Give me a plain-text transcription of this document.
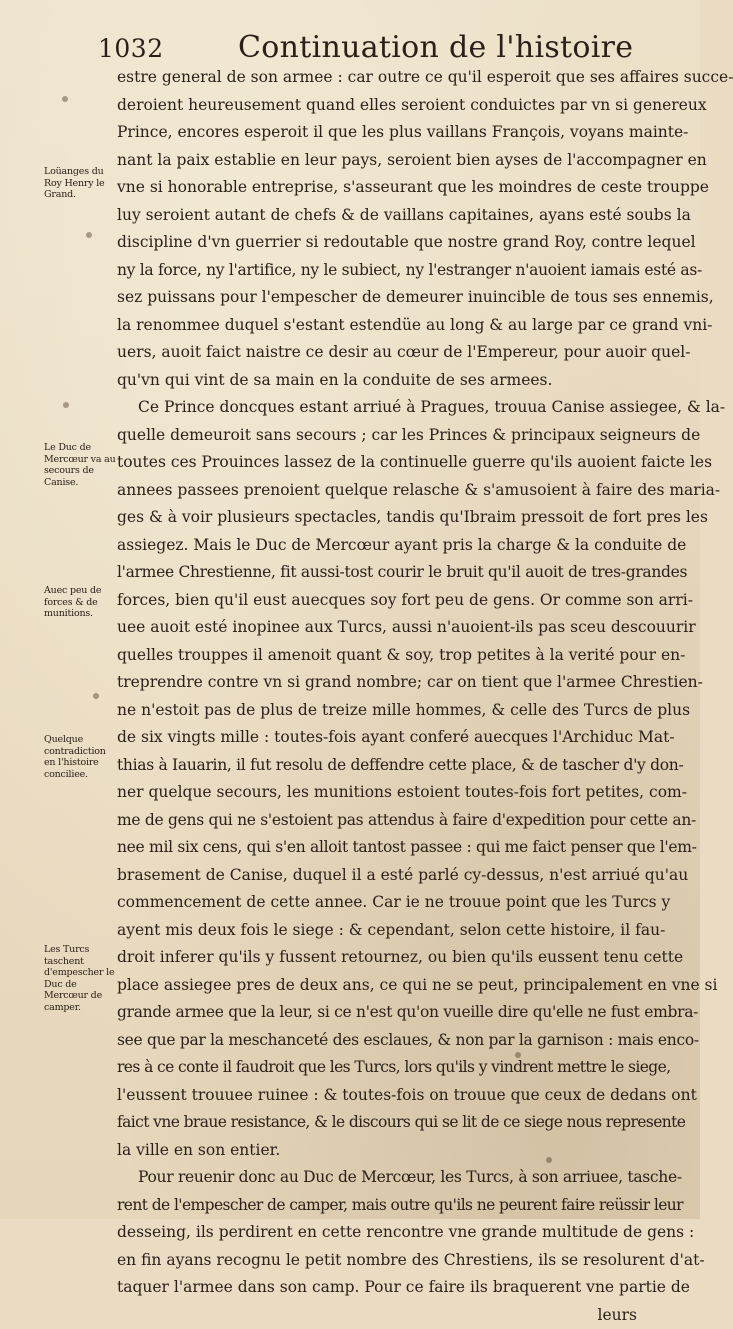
1032 Continuation de l'histoire
Loüanges du Roy Henry le Grand.
Le Duc de Mercœur va au secours de Canise.
Auec peu de forces & de munitions.
Quelque contradiction en l'histoire conciliee.
Les Turcs taschent d'empescher le Duc de Mercœur de camper.
estre general de son armee : car outre ce qu'il esperoit que ses affaires succe-
deroient heureusement quand elles seroient conduictes par vn si genereux
Prince, encores esperoit il que les plus vaillans François, voyans mainte-
nant la paix establie en leur pays, seroient bien ayses de l'accompagner en
vne si honorable entreprise, s'asseurant que les moindres de ceste trouppe
luy seroient autant de chefs & de vaillans capitaines, ayans esté soubs la
discipline d'vn guerrier si redoutable que nostre grand Roy, contre lequel
ny la force, ny l'artifice, ny le subiect, ny l'estranger n'auoient iamais esté as-
sez puissans pour l'empescher de demeurer inuincible de tous ses ennemis,
la renommee duquel s'estant estendüe au long & au large par ce grand vni-
uers, auoit faict naistre ce desir au cœur de l'Empereur, pour auoir quel-
qu'vn qui vint de sa main en la conduite de ses armees.
Ce Prince doncques estant arriué à Pragues, trouua Canise assiegee, & la-
quelle demeuroit sans secours ; car les Princes & principaux seigneurs de
toutes ces Prouinces lassez de la continuelle guerre qu'ils auoient faicte les
annees passees prenoient quelque relasche & s'amusoient à faire des maria-
ges & à voir plusieurs spectacles, tandis qu'Ibraim pressoit de fort pres les
assiegez. Mais le Duc de Mercœur ayant pris la charge & la conduite de
l'armee Chrestienne, fit aussi-tost courir le bruit qu'il auoit de tres-grandes
forces, bien qu'il eust auecques soy fort peu de gens. Or comme son arri-
uee auoit esté inopinee aux Turcs, aussi n'auoient-ils pas sceu descouurir
quelles trouppes il amenoit quant & soy, trop petites à la verité pour en-
treprendre contre vn si grand nombre; car on tient que l'armee Chrestien-
ne n'estoit pas de plus de treize mille hommes, & celle des Turcs de plus
de six vingts mille : toutes-fois ayant conferé auecques l'Archiduc Mat-
thias à Iauarin, il fut resolu de deffendre cette place, & de tascher d'y don-
ner quelque secours, les munitions estoient toutes-fois fort petites, com-
me de gens qui ne s'estoient pas attendus à faire d'expedition pour cette an-
nee mil six cens, qui s'en alloit tantost passee : qui me faict penser que l'em-
brasement de Canise, duquel il a esté parlé cy-dessus, n'est arriué qu'au
commencement de cette annee. Car ie ne trouue point que les Turcs y
ayent mis deux fois le siege : & cependant, selon cette histoire, il fau-
droit inferer qu'ils y fussent retournez, ou bien qu'ils eussent tenu cette
place assiegee pres de deux ans, ce qui ne se peut, principalement en vne si
grande armee que la leur, si ce n'est qu'on vueille dire qu'elle ne fust embra-
see que par la meschanceté des esclaues, & non par la garnison : mais enco-
res à ce conte il faudroit que les Turcs, lors qu'ils y vindrent mettre le siege,
l'eussent trouuee ruinee : & toutes-fois on trouue que ceux de dedans ont
faict vne braue resistance, & le discours qui se lit de ce siege nous represente
la ville en son entier.
Pour reuenir donc au Duc de Mercœur, les Turcs, à son arriuee, tasche-
rent de l'empescher de camper, mais outre qu'ils ne peurent faire reüssir leur
desseing, ils perdirent en cette rencontre vne grande multitude de gens :
en fin ayans recognu le petit nombre des Chrestiens, ils se resolurent d'at-
taquer l'armee dans son camp. Pour ce faire ils braquerent vne partie de
leurs
